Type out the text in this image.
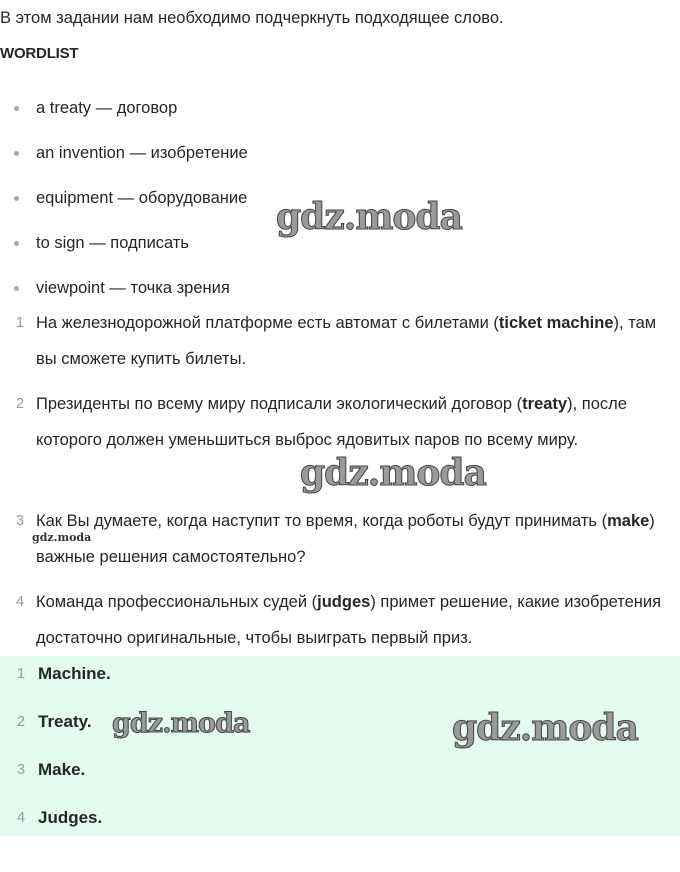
В этом задании нам необходимо подчеркнуть подходящее слово.
WORDLIST
a treaty — договор
an invention — изобретение
equipment — оборудование
to sign — подписать
viewpoint — точка зрения
1 На железнодорожной платформе есть автомат с билетами (ticket machine), там вы сможете купить билеты.
2 Президенты по всему миру подписали экологический договор (treaty), после которого должен уменьшиться выброс ядовитых паров по всему миру.
3 Как Вы думаете, когда наступит то время, когда роботы будут принимать (make) важные решения самостоятельно?
4 Команда профессиональных судей (judges) примет решение, какие изобретения достаточно оригинальные, чтобы выиграть первый приз.
1 Machine.
2 Treaty.
3 Make.
4 Judges.
gdz.moda
gdz.moda
gdz.moda
gdz.moda	gdz.moda
